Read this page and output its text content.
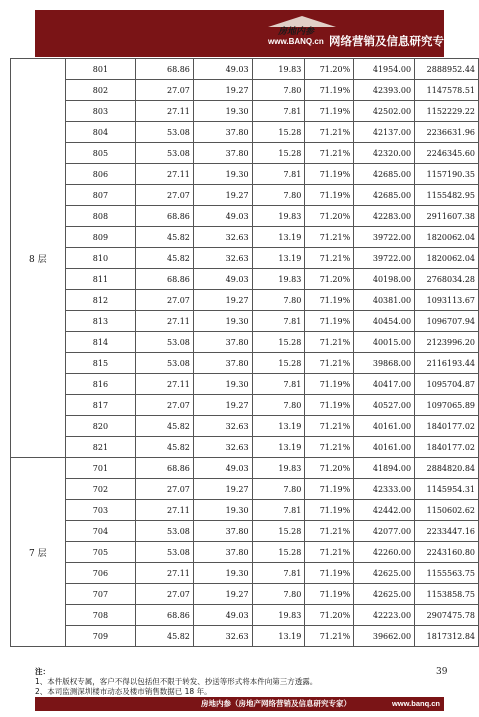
房地内参
www.BANQ.cn 网络营销及信息研究专家
8 层	801	68.86	49.03	19.83	71.20%	41954.00	2888952.44
	802	27.07	19.27	7.80	71.19%	42393.00	1147578.51
	803	27.11	19.30	7.81	71.19%	42502.00	1152229.22
	804	53.08	37.80	15.28	71.21%	42137.00	2236631.96
	805	53.08	37.80	15.28	71.21%	42320.00	2246345.60
	806	27.11	19.30	7.81	71.19%	42685.00	1157190.35
	807	27.07	19.27	7.80	71.19%	42685.00	1155482.95
	808	68.86	49.03	19.83	71.20%	42283.00	2911607.38
	809	45.82	32.63	13.19	71.21%	39722.00	1820062.04
	810	45.82	32.63	13.19	71.21%	39722.00	1820062.04
	811	68.86	49.03	19.83	71.20%	40198.00	2768034.28
	812	27.07	19.27	7.80	71.19%	40381.00	1093113.67
	813	27.11	19.30	7.81	71.19%	40454.00	1096707.94
	814	53.08	37.80	15.28	71.21%	40015.00	2123996.20
	815	53.08	37.80	15.28	71.21%	39868.00	2116193.44
	816	27.11	19.30	7.81	71.19%	40417.00	1095704.87
	817	27.07	19.27	7.80	71.19%	40527.00	1097065.89
	820	45.82	32.63	13.19	71.21%	40161.00	1840177.02
	821	45.82	32.63	13.19	71.21%	40161.00	1840177.02
7 层	701	68.86	49.03	19.83	71.20%	41894.00	2884820.84
	702	27.07	19.27	7.80	71.19%	42333.00	1145954.31
	703	27.11	19.30	7.81	71.19%	42442.00	1150602.62
	704	53.08	37.80	15.28	71.21%	42077.00	2233447.16
	705	53.08	37.80	15.28	71.21%	42260.00	2243160.80
	706	27.11	19.30	7.81	71.19%	42625.00	1155563.75
	707	27.07	19.27	7.80	71.19%	42625.00	1153858.75
	708	68.86	49.03	19.83	71.20%	42223.00	2907475.78
	709	45.82	32.63	13.19	71.21%	39662.00	1817312.84
注：
1、本件版权专属，客户不得以包括但不限于转发、抄送等形式将本件向第三方透露。
2、本司监测深圳楼市动态及楼市销售数据已 18 年。
39
房地内参（房地产网络营销及信息研究专家）	www.banq.cn
